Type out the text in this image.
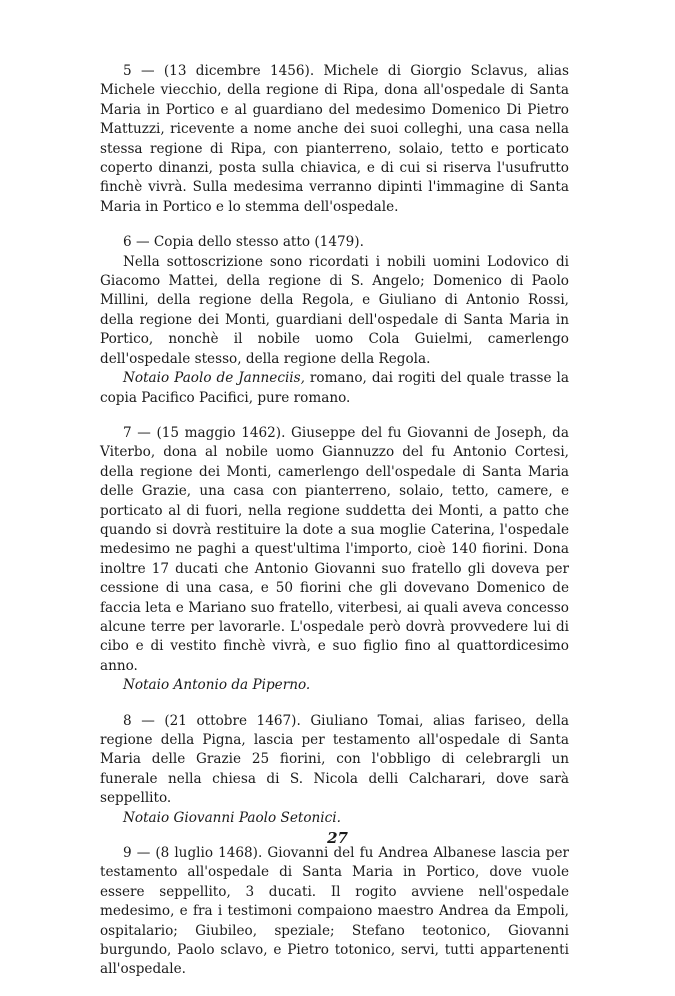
5 — (13 dicembre 1456). Michele di Giorgio Sclavus, alias Michele viecchio, della regione di Ripa, dona all'ospedale di Santa Maria in Portico e al guardiano del medesimo Domenico Di Pietro Mattuzzi, ricevente a nome anche dei suoi colleghi, una casa nella stessa regione di Ripa, con pianterreno, solaio, tetto e porticato coperto dinanzi, posta sulla chiavica, e di cui si riserva l'usufrutto finchè vivrà. Sulla medesima verranno dipinti l'immagine di Santa Maria in Portico e lo stemma dell'ospedale.

6 — Copia dello stesso atto (1479).

Nella sottoscrizione sono ricordati i nobili uomini Lodovico di Giacomo Mattei, della regione di S. Angelo; Domenico di Paolo Millini, della regione della Regola, e Giuliano di Antonio Rossi, della regione dei Monti, guardiani dell'ospedale di Santa Maria in Portico, nonchè il nobile uomo Cola Guielmi, camerlengo dell'ospedale stesso, della regione della Regola.

Notaio Paolo de Janneciis, romano, dai rogiti del quale trasse la copia Pacifico Pacifici, pure romano.

7 — (15 maggio 1462). Giuseppe del fu Giovanni de Joseph, da Viterbo, dona al nobile uomo Giannuzzo del fu Antonio Cortesi, della regione dei Monti, camerlengo dell'ospedale di Santa Maria delle Grazie, una casa con pianterreno, solaio, tetto, camere, e porticato al di fuori, nella regione suddetta dei Monti, a patto che quando si dovrà restituire la dote a sua moglie Caterina, l'ospedale medesimo ne paghi a quest'ultima l'importo, cioè 140 fiorini. Dona inoltre 17 ducati che Antonio Giovanni suo fratello gli doveva per cessione di una casa, e 50 fiorini che gli dovevano Domenico de faccia leta e Mariano suo fratello, viterbesi, ai quali aveva concesso alcune terre per lavorarle. L'ospedale però dovrà provvedere lui di cibo e di vestito finchè vivrà, e suo figlio fino al quattordicesimo anno.

Notaio Antonio da Piperno.

8 — (21 ottobre 1467). Giuliano Tomai, alias fariseo, della regione della Pigna, lascia per testamento all'ospedale di Santa Maria delle Grazie 25 fiorini, con l'obbligo di celebrargli un funerale nella chiesa di S. Nicola delli Calcharari, dove sarà seppellito.

Notaio Giovanni Paolo Setonici.

9 — (8 luglio 1468). Giovanni del fu Andrea Albanese lascia per testamento all'ospedale di Santa Maria in Portico, dove vuole essere seppellito, 3 ducati. Il rogito avviene nell'ospedale medesimo, e fra i testimoni compaiono maestro Andrea da Empoli, ospitalario; Giubileo, speziale; Stefano teotonico, Giovanni burgundo, Paolo sclavo, e Pietro totonico, servi, tutti appartenenti all'ospedale.

27
